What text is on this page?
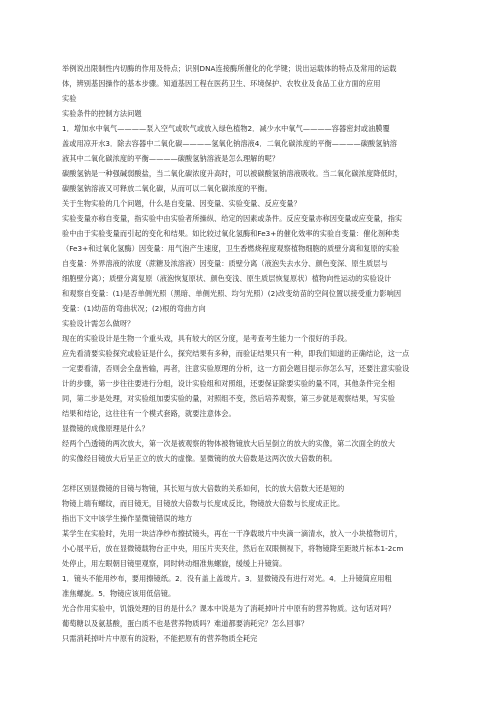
举例说出限制性内切酶的作用及特点；识别DNA连接酶所催化的化学键；说出运载体的特点及常用的运载
体，辨别基因操作的基本步骤。知道基因工程在医药卫生、环境保护、农牧业及食品工业方面的应用
实验
实验条件的控制方法问题
1．增加水中氧气————泵入空气或吹气或放入绿色植物2．减少水中氧气————容器密封或油膜覆
盖或用凉开水3．除去容器中二氧化碳————氢氧化钠溶液4．二氧化碳浓度的平衡————碳酸氢钠溶
液其中二氧化碳浓度的平衡————碳酸氢钠溶液是怎么理解的呢？
碳酸氢钠是一种强碱弱酸盐，当二氧化碳浓度升高时，可以被碳酸氢钠溶液吸收。当二氧化碳浓度降低时，
碳酸氢钠溶液又可释放二氧化碳，从而可以二氧化碳浓度的平衡。
关于生物实验的几个问题，什么是自变量、因变量、实验变量、反应变量？
实验变量亦称自变量，指实验中由实验者所操纵、给定的因素或条件。反应变量亦称因变量或应变量，指实
验中由于实验变量而引起的变化和结果。如比较过氧化氢酶和Fe3+的催化效率的实验自变量：催化剂种类
（Fe3+和过氧化氢酶）因变量：用气泡产生速度，卫生香燃烧程度观察植物细胞的质壁分离和复原的实验
自变量：外界溶液的浓度（蔗糖及浓溶液）因变量：质壁分离（液泡失去水分、颜色变深、原生质层与
细胞壁分离）；质壁分离复原（液泡恢复原状、颜色变浅、原生质层恢复原状）植物向性运动的实验设计
和观察自变量：(1)是否单侧光照（黑暗、单侧光照、均匀光照）(2)改变幼苗的空间位置以接受重力影响因
变量：(1)幼苗的弯曲状况；(2)根的弯曲方向
实验设计需怎么做呀？
现在的实验设计是生物一个重头戏，具有较大的区分度，是考查考生能力一个很好的手段。
应先看清要实验探究或验证是什么，探究结果有多种，而验证结果只有一种，即我们知道的正确结论，这一点
一定要看清，否则会全盘皆输，再者，注意实验原理的分析，这一方面会题目提示你怎么写，还要注意实验设
计的步骤，第一步往往要进行分组，设计实验组和对照组，还要保证除要实验的量不同，其他条件完全相
同，第二步是处理，对实验组加要实验的量，对照组不变，然后培养观察，第三步就是观察结果，写实验
结果和结论，这往往有一个模式套路，就要注意体会。
显微镜的成像原理是什么？
经两个凸透镜的两次放大，第一次是被观察的物体被物镜放大后呈倒立的放大的实像，第二次面全的放大
的实像经目镜放大后呈正立的放大的虚像。显微镜的放大倍数是这两次放大倍数的积。
怎样区别显微镜的目镜与物镜，其长短与放大倍数的关系如何，长的放大倍数大还是短的
物镜上端有螺纹，而目镜无，目镜放大倍数与长度成反比，物镜放大倍数与长度成正比。
指出下文中该学生操作显微镜错误的地方
某学生在实验时，先用一块洁净纱布擦拭镜头，再在一干净载玻片中央滴一滴清水，放入一小块植物切片，
小心展平后，放在显微镜载物台正中央，用压片夹夹住，然后在双眼侧视下，将物镜降至距玻片标本1-2cm
处停止，用左眼朝目镜里观察，同时转动细准焦螺旋，缓缓上升镜筒。
1．镜头不能用纱布，要用擦镜纸。2．没有盖上盖玻片。3．显微镜没有进行对光。4．上升镜筒应用粗
准焦螺旋。5．物镜应该用低倍镜。
光合作用实验中，饥饿处理的目的是什么？课本中说是为了消耗掉叶片中原有的营养物质。这句话对吗？
葡萄糖以及氨基酸，蛋白质不也是营养物质吗？难道都要消耗完？怎么回事？
只需消耗掉叶片中原有的淀粉，不能把原有的营养物质全耗完
